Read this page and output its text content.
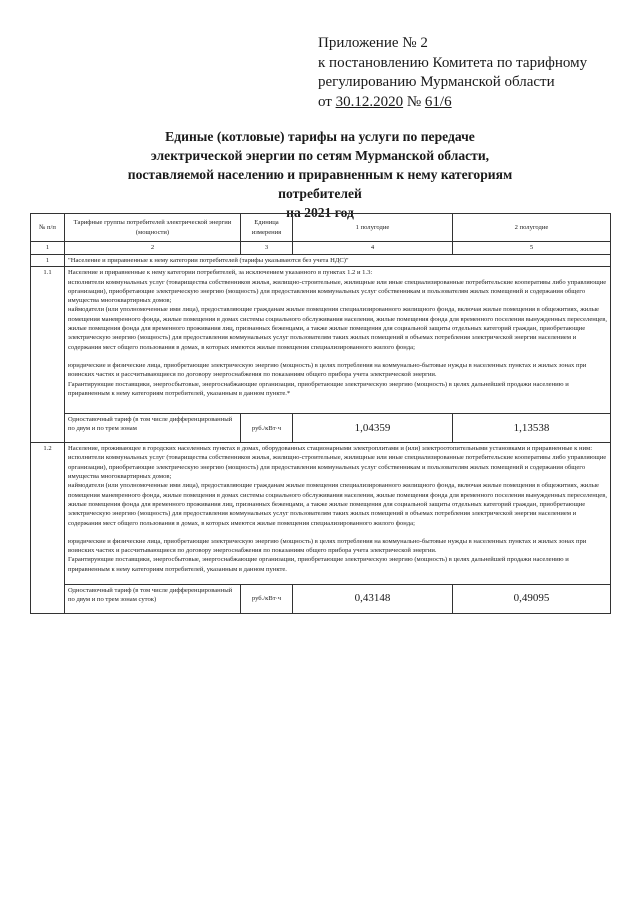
Приложение № 2
к постановлению Комитета по тарифному
регулированию Мурманской области
от 30.12.2020 № 61/6
Единые (котловые) тарифы на услуги по передаче
электрической энергии по сетям Мурманской области,
поставляемой населению и приравненным к нему категориям потребителей
на 2021 год
№ п/п	Тарифные группы потребителей электрической энергии (мощности)	Единица измерения	1 полугодие	2 полугодие
1	2	3	4	5
1	"Население и приравненные к нему категории потребителей (тарифы указываются без учета НДС)"			
1.1	Население и приравненные к нему категории потребителей, за исключением указанного в пунктах 1.2 и 1.3:

исполнители коммунальных услуг (товарищества собственников жилья, жилищно-строительные, жилищные или иные специализированные потребительские кооперативы либо управляющие организации), приобретающие электрическую энергию (мощность) для предоставления коммунальных услуг собственникам и пользователям жилых помещений и содержания общего имущества многоквартирных домов;

наймодатели (или уполномоченные ими лица), предоставляющие гражданам жилые помещения специализированного жилищного фонда, включая жилые помещения в общежитиях, жилые помещения маневренного фонда, жилые помещения в домах системы социального обслуживания населения, жилые помещения фонда для временного поселения вынужденных переселенцев, жилые помещения фонда для временного проживания лиц, признанных беженцами, а также жилые помещения для социальной защиты отдельных категорий граждан, приобретающие электрическую энергию (мощность) для предоставления коммунальных услуг пользователям таких жилых помещений в объемах потребления электрической энергии населением и содержания мест общего пользования в домах, в которых имеются жилые помещения специализированного жилого фонда;

юридические и физические лица, приобретающие электрическую энергию (мощность) в целях потребления на коммунально-бытовые нужды в населенных пунктах и жилых зонах при воинских частях и рассчитывающиеся по договору энергоснабжения по показаниям общего прибора учета электрической энергии.

Гарантирующие поставщики, энергосбытовые, энергоснабжающие организации, приобретающие электрическую энергию (мощность) в целях дальнейшей продажи населению и приравненным к нему категориям потребителей, указанным в данном пункте.*			

	Одноставочный тариф (в том числе дифференцированный по двум и по трем зонам	руб./кВт·ч	1,04359	1,13538
1.2	Население, проживающее в городских населенных пунктах в домах, оборудованных стационарными электроплитами и (или) электроотопительными установками и приравненные к ним:

исполнители коммунальных услуг (товарищества собственников жилья, жилищно-строительные, жилищные или иные специализированные потребительские кооперативы либо управляющие организации), приобретающие электрическую энергию (мощность) для предоставления коммунальных услуг собственникам и пользователям жилых помещений и содержания общего имущества многоквартирных домов;

наймодатели (или уполномоченные ими лица), предоставляющие гражданам жилые помещения специализированного жилищного фонда, включая жилые помещения в общежитиях, жилые помещения маневренного фонда, жилые помещения в домах системы социального обслуживания населения, жилые помещения фонда для временного поселения вынужденных переселенцев, жилые помещения фонда для временного проживания лиц, признанных беженцами, а также жилые помещения для социальной защиты отдельных категорий граждан, приобретающие электрическую энергию (мощность) для предоставления коммунальных услуг пользователям таких жилых помещений в объемах потребления электрической энергии населением и содержания мест общего пользования в домах, в которых имеются жилые помещения специализированного жилого фонда;

юридические и физические лица, приобретающие электрическую энергию (мощность) в целях потребления на коммунально-бытовые нужды в населенных пунктах и жилых зонах при воинских частях и рассчитывающиеся по договору энергоснабжения по показаниям общего прибора учета электрической энергии.

Гарантирующие поставщики, энергосбытовые, энергоснабжающие организации, приобретающие электрическую энергию (мощность) в целях дальнейшей продажи населению и приравненным к нему категориям потребителей, указанным в данном пункте.			

	Одноставочный тариф (в том числе дифференцированный по двум и по трем зонам суток)	руб./кВт·ч	0,43148	0,49095
